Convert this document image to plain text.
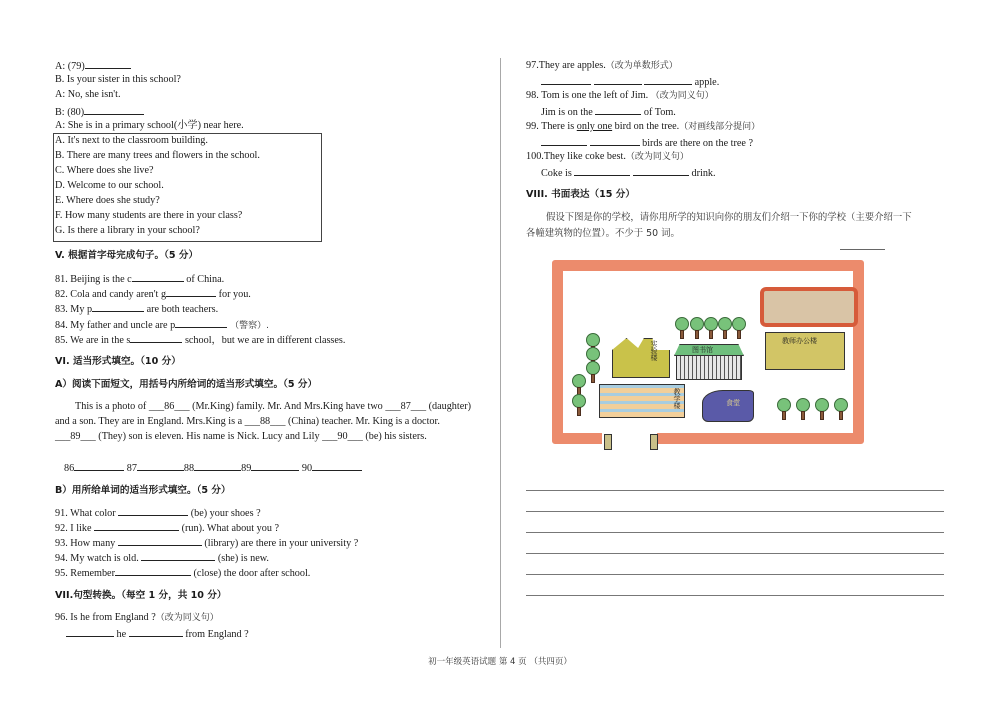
A: (79)
B. Is your sister in this school?
A: No, she isn't.
B: (80)
A: She is in a primary school(小学) near here.
A. It's next to the classroom building.
B. There are many trees and flowers in the school.
C. Where does she live?
D. Welcome to our school.
E. Where does she study?
F. How many students are there in your class?
G. Is there a library in your school?
V. 根据首字母完成句子。（5 分）
81. Beijing is the c	of China.
82. Cola and candy aren't g	for you.
83. My p	are both teachers.
84. My father and uncle are p	（警察）.
85. We are in the s	school，but we are in different classes.
VI. 适当形式填空。（10 分）
A）阅读下面短文，用括号内所给词的适当形式填空。（5 分）
This is a photo of ___86___ (Mr.King) family. Mr. And Mrs.King have two ___87___ (daughter)
and a son. They are in England. Mrs.King is a ___88___ (China) teacher. Mr. King is a doctor.
___89___ (They) son is eleven. His name is Nick. Lucy and Lily ___90___ (be) his sisters.
86	87	88	89	90
B）用所给单词的适当形式填空。（5 分）
91. What color	(be) your shoes ?
92. I like	(run). What about you ?
93. How many	(library) are there in your university ?
94. My watch is old.	(she) is new.
95. Remember	(close) the door after school.
VII.句型转换。（每空 1 分，共 10 分）
96. Is he from England ?（改为同义句）
he	from England ?
97.They are apples.（改为单数形式）
apple.
98. Tom is one the left of Jim. （改为同义句）
Jim is on the	of Tom.
99. There is only one bird on the tree.（对画线部分提问）
birds are there on the tree ?
100.They like coke best.（改为同义句）
Coke is	drink.
VIII. 书面表达（15 分）
假设下图是你的学校，请你用所学的知识向你的朋友们介绍一下你的学校（主要介绍一下
各幢建筑物的位置）。不少于 50 词。
实验楼	图书馆
教师办公楼
教学楼	食堂
初一年级英语试题 第 4 页 （共四页）
